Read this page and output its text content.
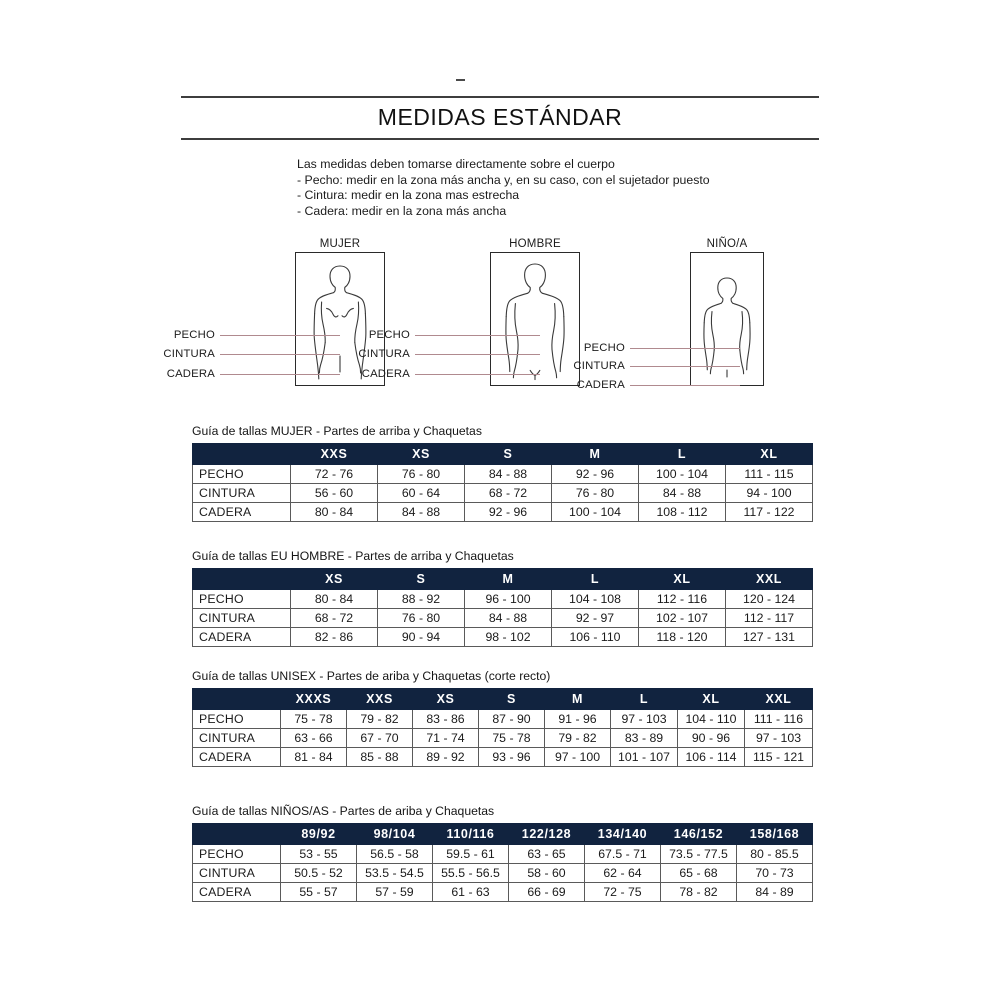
MEDIDAS ESTÁNDAR
Las medidas deben tomarse directamente sobre el cuerpo
- Pecho: medir en la zona más ancha y, en su caso, con el sujetador puesto
- Cintura: medir en la zona mas estrecha
- Cadera: medir en la zona más ancha
MUJER
PECHO
CINTURA
CADERA
HOMBRE
PECHO
CINTURA
CADERA
NIÑO/A
PECHO
CINTURA
CADERA
Guía de tallas MUJER - Partes de arriba y Chaquetas
	XXS	XS	S	M	L	XL
PECHO	72 - 76	76 - 80	84 - 88	92 - 96	100 - 104	111 - 115
CINTURA	56 - 60	60 - 64	68 - 72	76 - 80	84 - 88	94 - 100
CADERA	80 - 84	84 - 88	92 - 96	100 - 104	108 - 112	117 - 122
Guía de tallas EU HOMBRE - Partes de arriba y Chaquetas
	XS	S	M	L	XL	XXL
PECHO	80 - 84	88 - 92	96 - 100	104 - 108	112 - 116	120 - 124
CINTURA	68 - 72	76 - 80	84 - 88	92 - 97	102 - 107	112 - 117
CADERA	82 - 86	90 - 94	98 - 102	106 - 110	118 - 120	127 - 131
Guía de tallas UNISEX - Partes de ariba y Chaquetas (corte recto)
	XXXS	XXS	XS	S	M	L	XL	XXL
PECHO	75 - 78	79 - 82	83 - 86	87 - 90	91 - 96	97 - 103	104 - 110	111 - 116
CINTURA	63 - 66	67 - 70	71 - 74	75 - 78	79 - 82	83 - 89	90 - 96	97 - 103
CADERA	81 - 84	85 - 88	89 - 92	93 - 96	97 - 100	101 - 107	106 - 114	115 - 121
Guía de tallas NIÑOS/AS - Partes de ariba y Chaquetas
	89/92	98/104	110/116	122/128	134/140	146/152	158/168
PECHO	53 - 55	56.5 - 58	59.5 - 61	63 - 65	67.5 - 71	73.5 - 77.5	80 - 85.5
CINTURA	50.5 - 52	53.5 - 54.5	55.5 - 56.5	58 - 60	62 - 64	65 - 68	70 - 73
CADERA	55 - 57	57 - 59	61 - 63	66 - 69	72 - 75	78 - 82	84 - 89
